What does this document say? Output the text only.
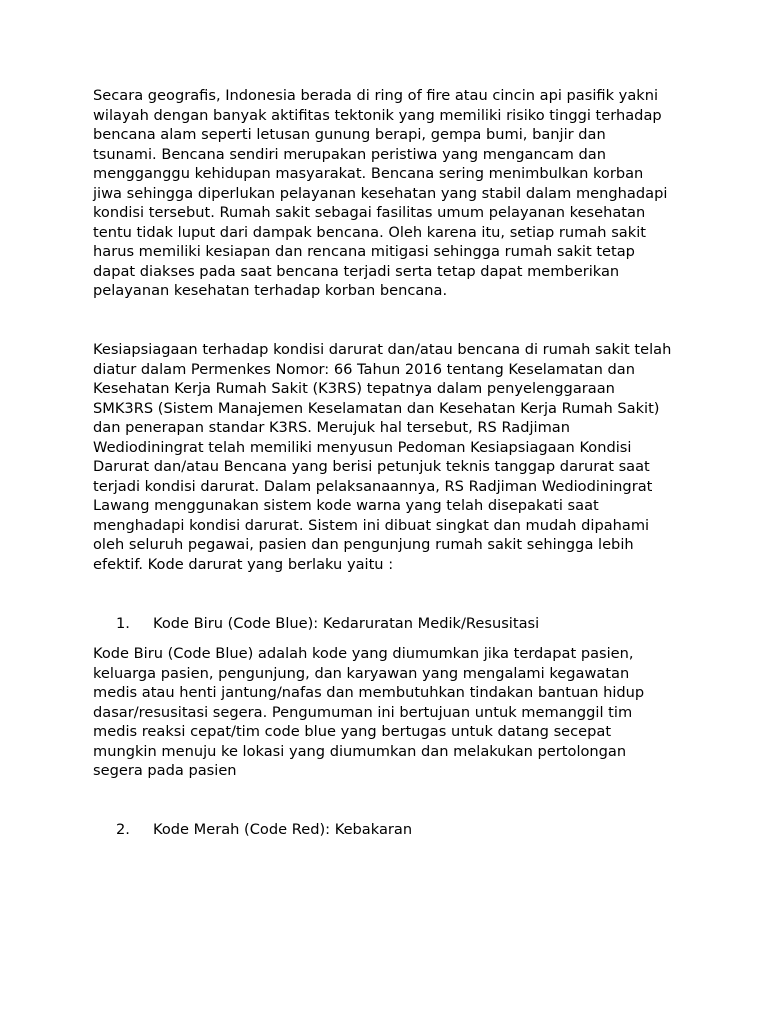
Secara geografis, Indonesia berada di ring of fire atau cincin api pasifik yakni wilayah dengan banyak aktifitas tektonik yang memiliki risiko tinggi terhadap bencana alam seperti letusan gunung berapi, gempa bumi, banjir dan tsunami. Bencana sendiri merupakan peristiwa yang mengancam dan mengganggu kehidupan masyarakat. Bencana sering menimbulkan korban jiwa sehingga diperlukan pelayanan kesehatan yang stabil dalam menghadapi kondisi tersebut. Rumah sakit sebagai fasilitas umum pelayanan kesehatan tentu tidak luput dari dampak bencana. Oleh karena itu, setiap rumah sakit harus memiliki kesiapan dan rencana mitigasi sehingga rumah sakit tetap dapat diakses pada saat bencana terjadi serta tetap dapat memberikan pelayanan kesehatan terhadap korban bencana.

Kesiapsiagaan terhadap kondisi darurat dan/atau bencana di rumah sakit telah diatur dalam Permenkes Nomor: 66 Tahun 2016 tentang Keselamatan dan Kesehatan Kerja Rumah Sakit (K3RS) tepatnya dalam penyelenggaraan SMK3RS (Sistem Manajemen Keselamatan dan Kesehatan Kerja Rumah Sakit) dan penerapan standar K3RS. Merujuk hal tersebut, RS Radjiman Wediodiningrat telah memiliki menyusun Pedoman Kesiapsiagaan Kondisi Darurat dan/atau Bencana yang berisi petunjuk teknis tanggap darurat saat terjadi kondisi darurat. Dalam pelaksanaannya, RS Radjiman Wediodiningrat Lawang menggunakan sistem kode warna yang telah disepakati saat menghadapi kondisi darurat. Sistem ini dibuat singkat dan mudah dipahami oleh seluruh pegawai, pasien dan pengunjung rumah sakit sehingga lebih efektif. Kode darurat yang berlaku yaitu :

1. Kode Biru (Code Blue): Kedaruratan Medik/Resusitasi

Kode Biru (Code Blue) adalah kode yang diumumkan jika terdapat pasien, keluarga pasien, pengunjung, dan karyawan yang mengalami kegawatan medis atau henti jantung/nafas dan membutuhkan tindakan bantuan hidup dasar/resusitasi segera. Pengumuman ini bertujuan untuk memanggil tim medis reaksi cepat/tim code blue yang bertugas untuk datang secepat mungkin menuju ke lokasi yang diumumkan dan melakukan pertolongan segera pada pasien

2. Kode Merah (Code Red): Kebakaran
